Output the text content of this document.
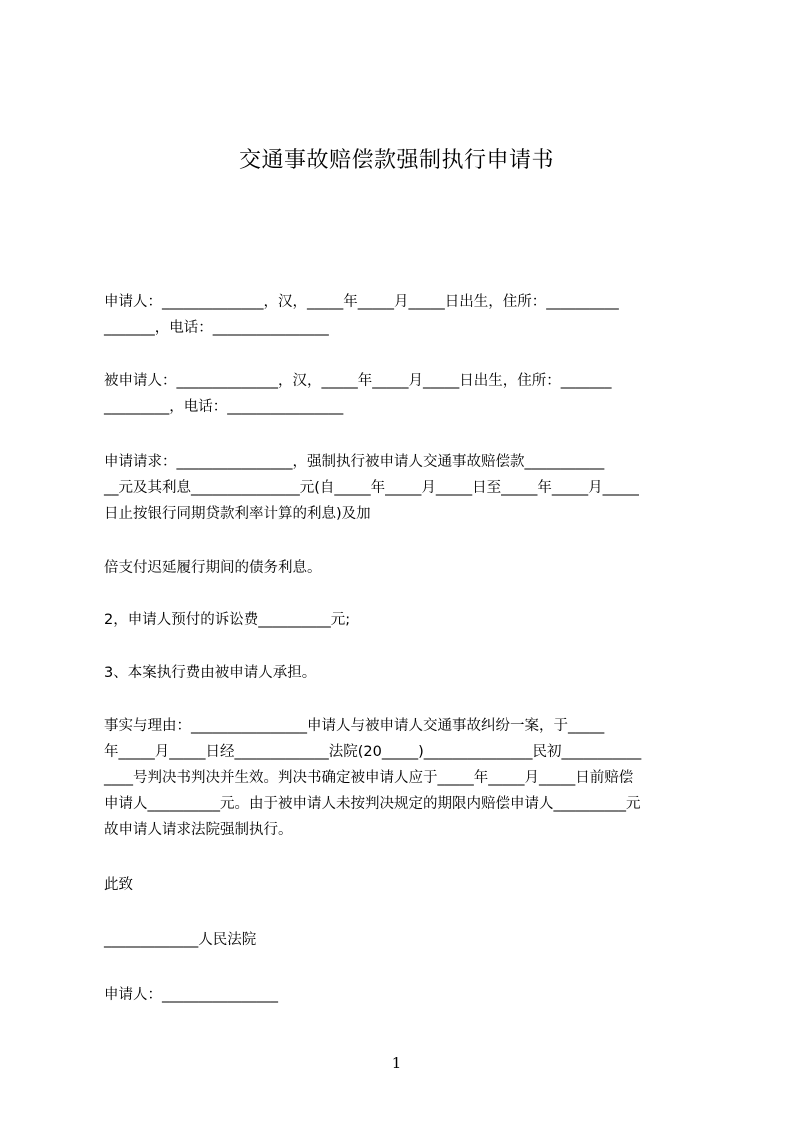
交通事故赔偿款强制执行申请书
申请人：______________，汉，_____年_____月_____日出生，住所：__________
_______，电话：________________
被申请人：______________，汉，_____年_____月_____日出生，住所：_______
_________，电话：________________
申请请求：________________，强制执行被申请人交通事故赔偿款___________
__元及其利息_______________元(自_____年_____月_____日至_____年_____月_____
日止按银行同期贷款利率计算的利息)及加
倍支付迟延履行期间的债务利息。
2，申请人预付的诉讼费__________元;
3、本案执行费由被申请人承担。
事实与理由：________________申请人与被申请人交通事故纠纷一案，于_____
年_____月_____日经_____________法院(20_____)_______________民初___________
____号判决书判决并生效。判决书确定被申请人应于_____年_____月_____日前赔偿
申请人__________元。由于被申请人未按判决规定的期限内赔偿申请人__________元
故申请人请求法院强制执行。
此致
_____________人民法院
申请人：________________
1
